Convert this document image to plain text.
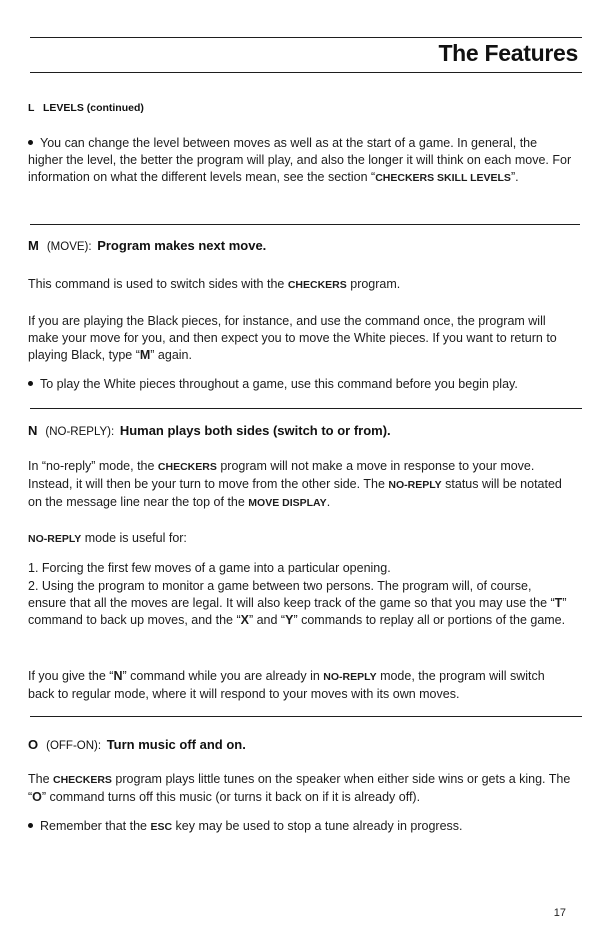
The Features
L   LEVELS (continued)
You can change the level between moves as well as at the start of a game. In general, the higher the level, the better the program will play, and also the longer it will think on each move. For information on what the different levels mean, see the section “CHECKERS SKILL LEVELS”.
M (MOVE): Program makes next move.
This command is used to switch sides with the CHECKERS program.
If you are playing the Black pieces, for instance, and use the command once, the program will make your move for you, and then expect you to move the White pieces. If you want to return to playing Black, type “M” again.
To play the White pieces throughout a game, use this command before you begin play.
N (NO-REPLY): Human plays both sides (switch to or from).
In “no-reply” mode, the CHECKERS program will not make a move in response to your move. Instead, it will then be your turn to move from the other side. The NO-REPLY status will be notated on the message line near the top of the MOVE DISPLAY.
NO-REPLY mode is useful for:
1. Forcing the first few moves of a game into a particular opening.
2. Using the program to monitor a game between two persons. The program will, of course, ensure that all the moves are legal. It will also keep track of the game so that you may use the “T” command to back up moves, and the “X” and “Y” commands to replay all or portions of the game.
If you give the “N” command while you are already in NO-REPLY mode, the program will switch back to regular mode, where it will respond to your moves with its own moves.
O (OFF-ON): Turn music off and on.
The CHECKERS program plays little tunes on the speaker when either side wins or gets a king. The “O” command turns off this music (or turns it back on if it is already off).
Remember that the ESC key may be used to stop a tune already in progress.
17
